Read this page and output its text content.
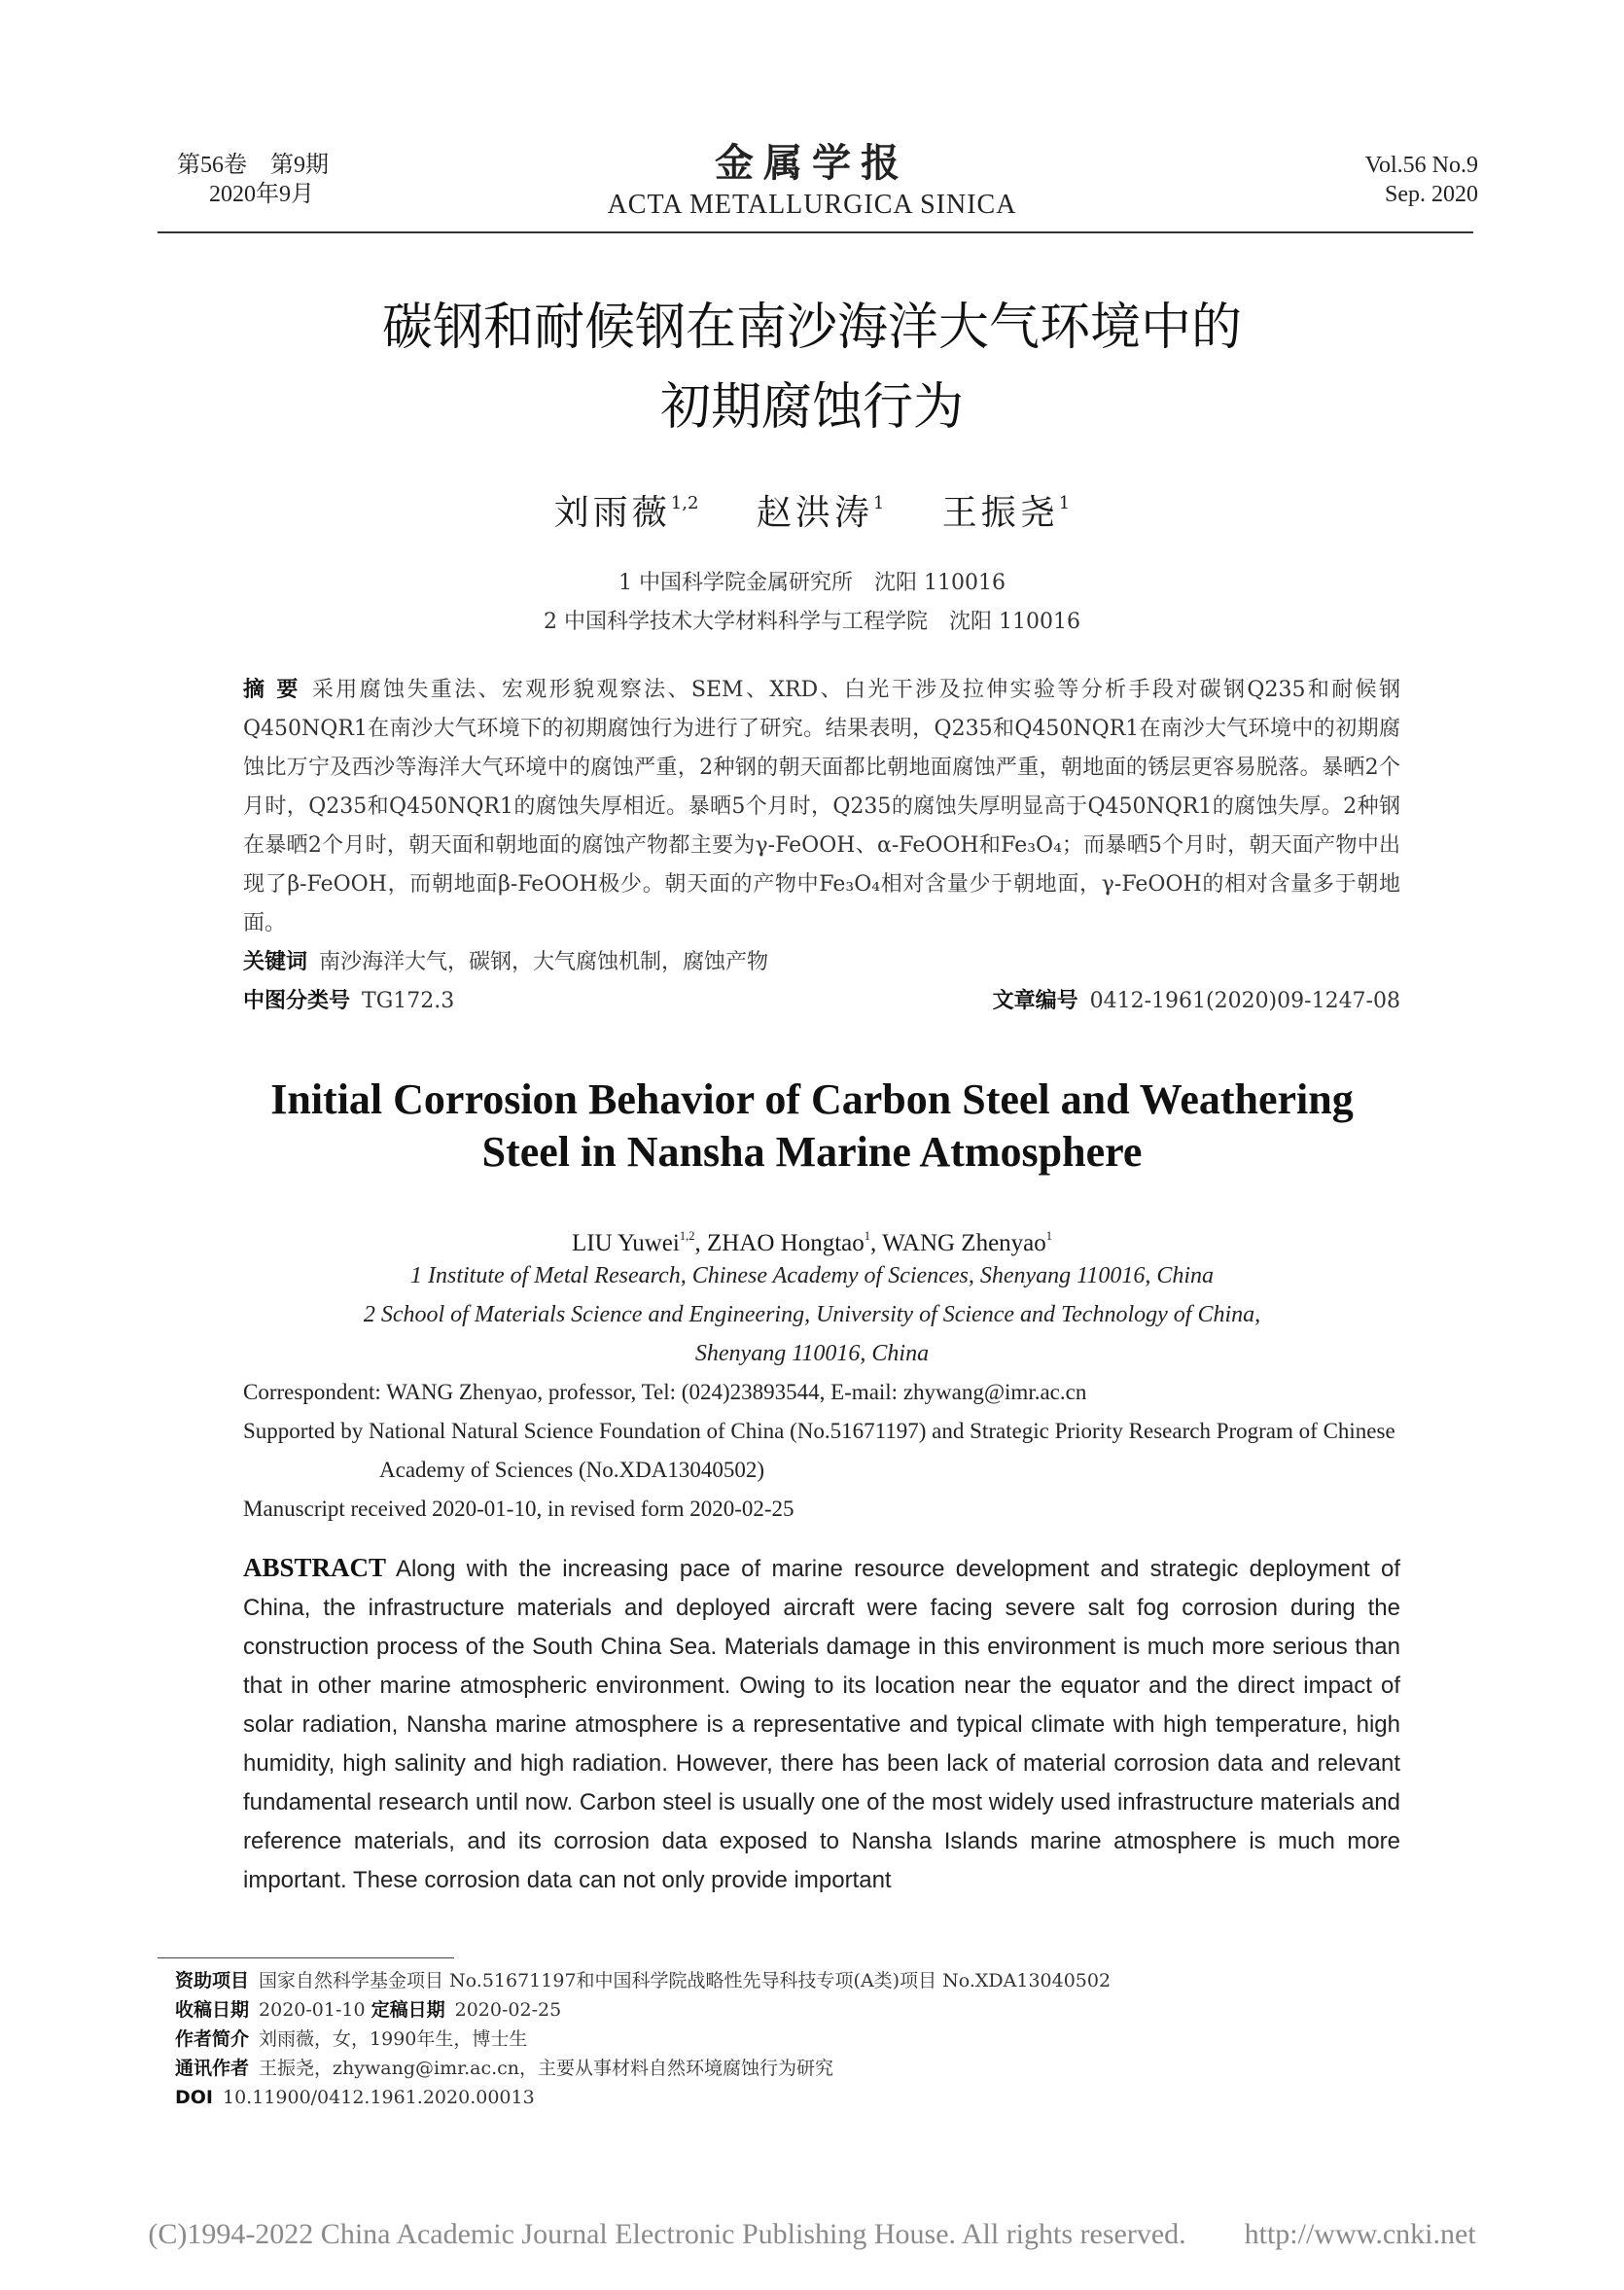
第56卷　第9期
2020年9月
金属学报
ACTA METALLURGICA SINICA
Vol.56 No.9
Sep. 2020
碳钢和耐候钢在南沙海洋大气环境中的
初期腐蚀行为
刘雨薇$^{1,2}$ 赵洪涛$^1$ 王振尧$^1$
1 中国科学院金属研究所　沈阳 110016
2 中国科学技术大学材料科学与工程学院　沈阳 110016
摘 要 采用腐蚀失重法、宏观形貌观察法、SEM、XRD、白光干涉及拉伸实验等分析手段对碳钢Q235和耐候钢Q450NQR1在南沙大气环境下的初期腐蚀行为进行了研究。结果表明，Q235和Q450NQR1在南沙大气环境中的初期腐蚀比万宁及西沙等海洋大气环境中的腐蚀严重，2种钢的朝天面都比朝地面腐蚀严重，朝地面的锈层更容易脱落。暴晒2个月时，Q235和Q450NQR1的腐蚀失厚相近。暴晒5个月时，Q235的腐蚀失厚明显高于Q450NQR1的腐蚀失厚。2种钢在暴晒2个月时，朝天面和朝地面的腐蚀产物都主要为γ-FeOOH、α-FeOOH和Fe₃O₄；而暴晒5个月时，朝天面产物中出现了β-FeOOH，而朝地面β-FeOOH极少。朝天面的产物中Fe₃O₄相对含量少于朝地面，γ-FeOOH的相对含量多于朝地面。
关键词 南沙海洋大气，碳钢，大气腐蚀机制，腐蚀产物
中图分类号 TG172.3	文章编号 0412-1961(2020)09-1247-08
Initial Corrosion Behavior of Carbon Steel and Weathering
Steel in Nansha Marine Atmosphere
LIU Yuwei$^{1,2}$, ZHAO Hongtao$^1$, WANG Zhenyao$^1$
1 Institute of Metal Research, Chinese Academy of Sciences, Shenyang 110016, China
2 School of Materials Science and Engineering, University of Science and Technology of China,
Shenyang 110016, China
Correspondent: WANG Zhenyao, professor, Tel: (024)23893544, E-mail: zhywang@imr.ac.cn
Supported by National Natural Science Foundation of China (No.51671197) and Strategic Priority Research Program of Chinese Academy of Sciences (No.XDA13040502)
Manuscript received 2020-01-10, in revised form 2020-02-25
ABSTRACT Along with the increasing pace of marine resource development and strategic deployment of China, the infrastructure materials and deployed aircraft were facing severe salt fog corrosion during the construction process of the South China Sea. Materials damage in this environment is much more serious than that in other marine atmospheric environment. Owing to its location near the equator and the direct impact of solar radiation, Nansha marine atmosphere is a representative and typical climate with high temperature, high humidity, high salinity and high radiation. However, there has been lack of material corrosion data and relevant fundamental research until now. Carbon steel is usually one of the most widely used infrastructure materials and reference materials, and its corrosion data exposed to Nansha Islands marine atmosphere is much more important. These corrosion data can not only provide important
资助项目 国家自然科学基金项目 No.51671197和中国科学院战略性先导科技专项(A类)项目 No.XDA13040502
收稿日期 2020-01-10 定稿日期 2020-02-25
作者简介 刘雨薇，女，1990年生，博士生
通讯作者 王振尧，zhywang@imr.ac.cn，主要从事材料自然环境腐蚀行为研究
DOI 10.11900/0412.1961.2020.00013
(C)1994-2022 China Academic Journal Electronic Publishing House. All rights reserved.　　http://www.cnki.net
